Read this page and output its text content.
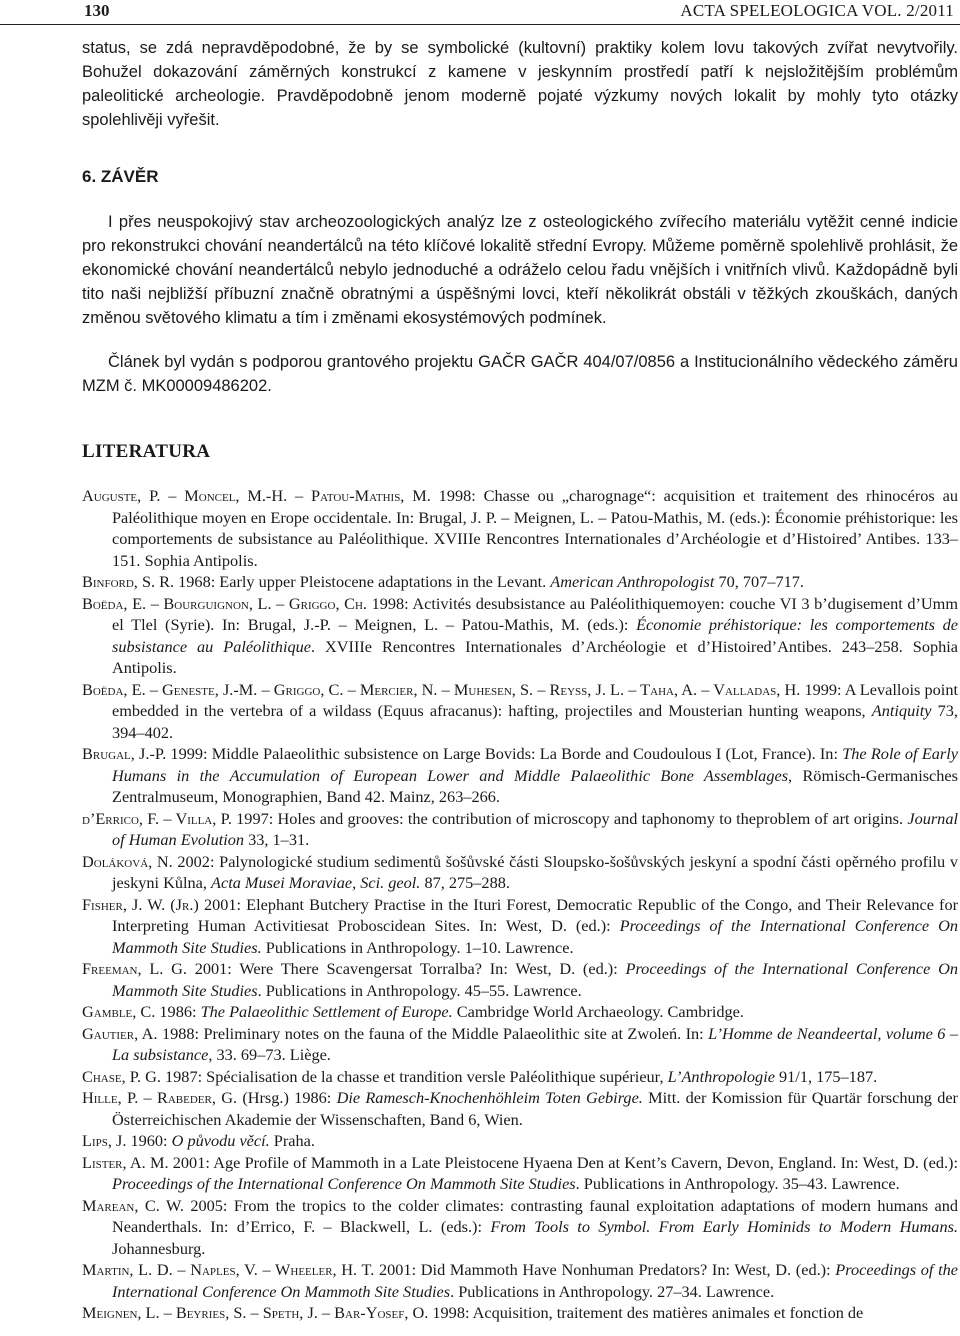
130	ACTA SPELEOLOGICA VOL. 2/2011

status, se zdá nepravděpodobné, že by se symbolické (kultovní) praktiky kolem lovu takových zvířat nevytvořily. Bohužel dokazování záměrných konstrukcí z kamene v jeskynním prostředí patří k nejsložitějším problémům paleolitické archeologie. Pravděpodobně jenom moderně pojaté výzkumy nových lokalit by mohly tyto otázky spolehlivěji vyřešit.

6. ZÁVĚR

I přes neuspokojivý stav archeozoologických analýz lze z osteologického zvířecího materiálu vytěžit cenné indicie pro rekonstrukci chování neandertálců na této klíčové lokalitě střední Evropy. Můžeme poměrně spolehlivě prohlásit, že ekonomické chování neandertálců nebylo jednoduché a odráželo celou řadu vnějších i vnitřních vlivů. Každopádně byli tito naši nejbližší příbuzní značně obratnými a úspěšnými lovci, kteří několikrát obstáli v těžkých zkouškách, daných změnou světového klimatu a tím i změnami ekosystémových podmínek.

Článek byl vydán s podporou grantového projektu GAČR GAČR 404/07/0856 a Institucionálního vědeckého záměru MZM č. MK00009486202.

LITERATURA

Auguste, P. – Moncel, M.-H. – Patou-Mathis, M. 1998: Chasse ou „charognage“: acquisition et traitement des rhinocéros au Paléolithique moyen en Erope occidentale. In: Brugal, J. P. – Meignen, L. – Patou-Mathis, M. (eds.): Économie préhistorique: les comportements de subsistance au Paléolithique. XVIIIe Rencontres Internationales d’Archéologie et d’Histoired’ Antibes. 133–151. Sophia Antipolis.

Binford, S. R. 1968: Early upper Pleistocene adaptations in the Levant. American Anthropologist 70, 707–717.

Boëda, E. – Bourguignon, L. – Griggo, Ch. 1998: Activités desubsistance au Paléolithiquemoyen: couche VI 3 b’dugisement d’Umm el Tlel (Syrie). In: Brugal, J.-P. – Meignen, L. – Patou-Mathis, M. (eds.): Économie préhistorique: les comportements de subsistance au Paléolithique. XVIIIe Rencontres Internationales d’Archéologie et d’Histoired’Antibes. 243–258. Sophia Antipolis.

Boëda, E. – Geneste, J.-M. – Griggo, C. – Mercier, N. – Muhesen, S. – Reyss, J. L. – Taha, A. – Valladas, H. 1999: A Levallois point embedded in the vertebra of a wildass (Equus afracanus): hafting, projectiles and Mousterian hunting weapons, Antiquity 73, 394–402.

Brugal, J.-P. 1999: Middle Palaeolithic subsistence on Large Bovids: La Borde and Coudoulous I (Lot, France). In: The Role of Early Humans in the Accumulation of European Lower and Middle Palaeolithic Bone Assemblages, Römisch-Germanisches Zentralmuseum, Monographien, Band 42. Mainz, 263–266.

d’Errico, F. – Villa, P. 1997: Holes and grooves: the contribution of microscopy and taphonomy to theproblem of art origins. Journal of Human Evolution 33, 1–31.

Doláková, N. 2002: Palynologické studium sedimentů šošůvské části Sloupsko-šošůvských jeskyní a spodní části opěrného profilu v jeskyni Kůlna, Acta Musei Moraviae, Sci. geol. 87, 275–288.

Fisher, J. W. (Jr.) 2001: Elephant Butchery Practise in the Ituri Forest, Democratic Republic of the Congo, and Their Relevance for Interpreting Human Activitiesat Proboscidean Sites. In: West, D. (ed.): Proceedings of the International Conference On Mammoth Site Studies. Publications in Anthropology. 1–10. Lawrence.

Freeman, L. G. 2001: Were There Scavengersat Torralba? In: West, D. (ed.): Proceedings of the International Conference On Mammoth Site Studies. Publications in Anthropology. 45–55. Lawrence.

Gamble, C. 1986: The Palaeolithic Settlement of Europe. Cambridge World Archaeology. Cambridge.

Gautier, A. 1988: Preliminary notes on the fauna of the Middle Palaeolithic site at Zwoleń. In: L’Homme de Neandeertal, volume 6 – La subsistance, 33. 69–73. Liège.

Chase, P. G. 1987: Spécialisation de la chasse et trandition versle Paléolithique supérieur, L’Anthropologie 91/1, 175–187.

Hille, P. – Rabeder, G. (Hrsg.) 1986: Die Ramesch-Knochenhöhleim Toten Gebirge. Mitt. der Komission für Quartär forschung der Österreichischen Akademie der Wissenschaften, Band 6, Wien.

Lips, J. 1960: O původu věcí. Praha.

Lister, A. M. 2001: Age Profile of Mammoth in a Late Pleistocene Hyaena Den at Kent’s Cavern, Devon, England. In: West, D. (ed.): Proceedings of the International Conference On Mammoth Site Studies. Publications in Anthropology. 35–43. Lawrence.

Marean, C. W. 2005: From the tropics to the colder climates: contrasting faunal exploitation adaptations of modern humans and Neanderthals. In: d’Errico, F. – Blackwell, L. (eds.): From Tools to Symbol. From Early Hominids to Modern Humans. Johannesburg.

Martin, L. D. – Naples, V. – Wheeler, H. T. 2001: Did Mammoth Have Nonhuman Predators? In: West, D. (ed.): Proceedings of the International Conference On Mammoth Site Studies. Publications in Anthropology. 27–34. Lawrence.

Meignen, L. – Beyries, S. – Speth, J. – Bar-Yosef, O. 1998: Acquisition, traitement des matières animales et fonction de
